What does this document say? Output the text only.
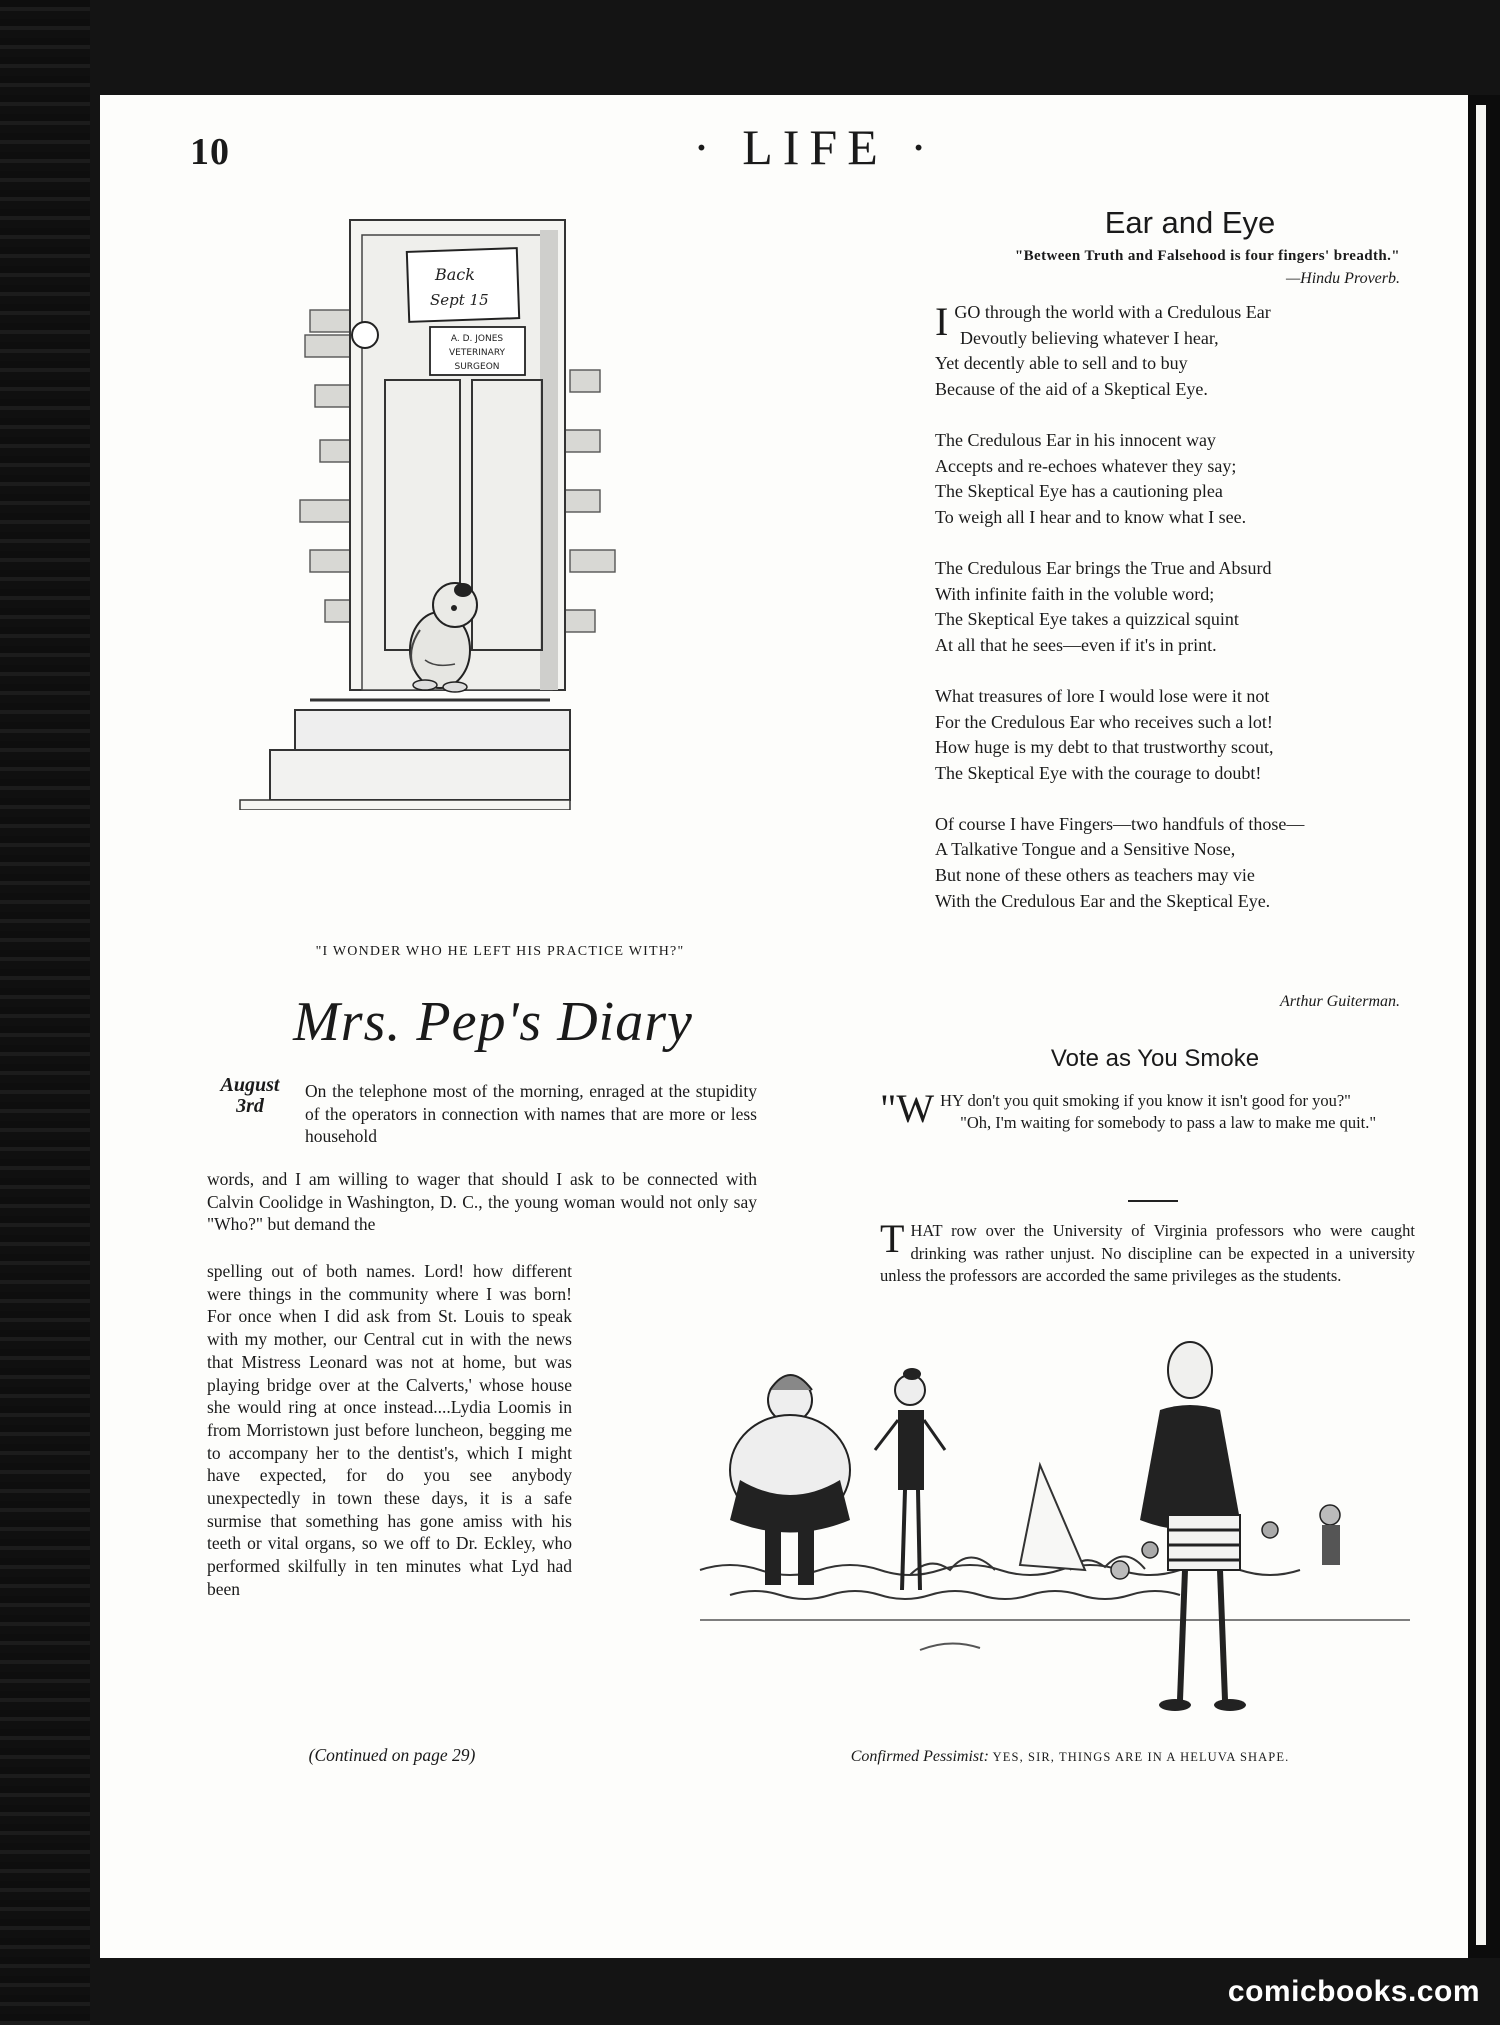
10	· LIFE ·
Back
Sept 15
A. D. JONES
VETERINARY
SURGEON
"I WONDER WHO HE LEFT HIS PRACTICE WITH?"
Mrs. Pep's Diary
August
3rd
On the telephone most of the morning, enraged at the stupidity of the operators in connection with names that are more or less household
words, and I am willing to wager that should I ask to be connected with Calvin Coolidge in Washington, D. C., the young woman would not only say "Who?" but demand the
spelling out of both names. Lord! how different were things in the community where I was born! For once when I did ask from St. Louis to speak with my mother, our Central cut in with the news that Mistress Leonard was not at home, but was playing bridge over at the Calverts,' whose house she would ring at once instead....Lydia Loomis in from Morristown just before luncheon, begging me to accompany her to the dentist's, which I might have expected, for do you see anybody unexpectedly in town these days, it is a safe surmise that something has gone amiss with his teeth or vital organs, so we off to Dr. Eckley, who performed skilfully in ten minutes what Lyd had been
(Continued on page 29)
Ear and Eye
"Between Truth and Falsehood is four fingers' breadth."
—Hindu Proverb.
I GO through the world with a Credulous Ear
Devoutly believing whatever I hear,
Yet decently able to sell and to buy
Because of the aid of a Skeptical Eye.
The Credulous Ear in his innocent way
Accepts and re-echoes whatever they say;
The Skeptical Eye has a cautioning plea
To weigh all I hear and to know what I see.
The Credulous Ear brings the True and Absurd
With infinite faith in the voluble word;
The Skeptical Eye takes a quizzical squint
At all that he sees—even if it's in print.
What treasures of lore I would lose were it not
For the Credulous Ear who receives such a lot!
How huge is my debt to that trustworthy scout,
The Skeptical Eye with the courage to doubt!
Of course I have Fingers—two handfuls of those—
A Talkative Tongue and a Sensitive Nose,
But none of these others as teachers may vie
With the Credulous Ear and the Skeptical Eye.
Arthur Guiterman.
Vote as You Smoke

"WHY don't you quit smoking if you know it isn't good for you?"

"Oh, I'm waiting for somebody to pass a law to make me quit."

THAT row over the University of Virginia professors who were caught drinking was rather unjust. No discipline can be expected in a university unless the professors are accorded the same privileges as the students.
Confirmed Pessimist: YES, SIR, THINGS ARE IN A HELUVA SHAPE.
comicbooks.com
